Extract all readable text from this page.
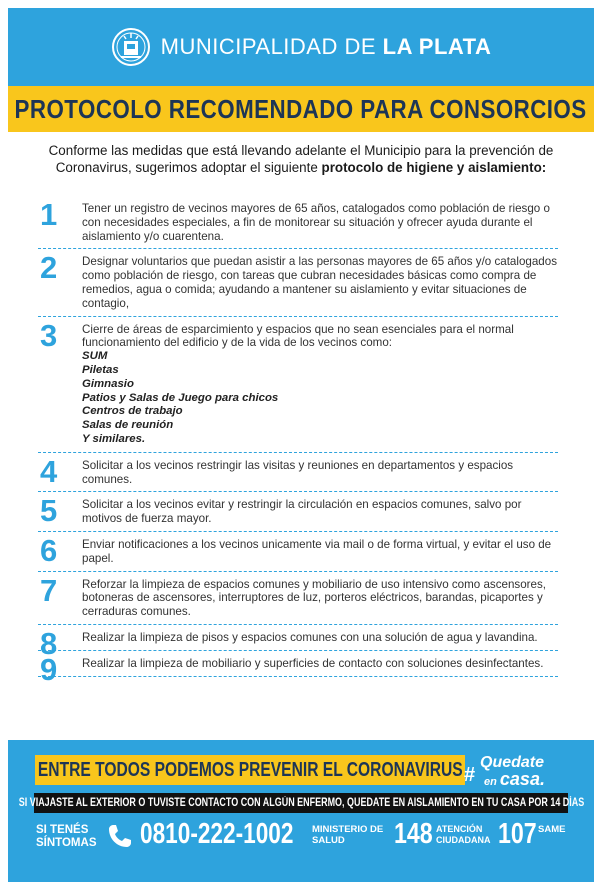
MUNICIPALIDAD DE LA PLATA
PROTOCOLO RECOMENDADO PARA CONSORCIOS
Conforme las medidas que está llevando adelante el Municipio para la prevención de Coronavirus, sugerimos adoptar el siguiente protocolo de higiene y aislamiento:
1 Tener un registro de vecinos mayores de 65 años, catalogados como población de riesgo o con necesidades especiales, a fin de monitorear su situación y ofrecer ayuda durante el aislamiento y/o cuarentena.
2 Designar voluntarios que puedan asistir a las personas mayores de 65 años y/o catalogados como población de riesgo, con tareas que cubran necesidades básicas como compra de remedios, agua o comida; ayudando a mantener su aislamiento y evitar situaciones de contagio,
3 Cierre de áreas de esparcimiento y espacios que no sean esenciales para el normal funcionamiento del edificio y de la vida de los vecinos como:
SUM
Piletas
Gimnasio
Patios y Salas de Juego para chicos
Centros de trabajo
Salas de reunión
Y similares.
4 Solicitar a los vecinos restringir las visitas y reuniones en departamentos y espacios comunes.
5 Solicitar a los vecinos evitar y restringir la circulación en espacios comunes, salvo por motivos de fuerza mayor.
6 Enviar notificaciones a los vecinos unicamente via mail o de forma virtual, y evitar el uso de papel.
7 Reforzar la limpieza de espacios comunes y mobiliario de uso intensivo como ascensores, botoneras de ascensores, interruptores de luz, porteros eléctricos, barandas, picaportes y cerraduras comunes.
8 Realizar la limpieza de pisos y espacios comunes con una solución de agua y lavandina.
9 Realizar la limpieza de mobiliario y superficies de contacto con soluciones desinfectantes.
ENTRE TODOS PODEMOS PREVENIR EL CORONAVIRUS #
Quedate
en casa.
SI VIAJASTE AL EXTERIOR O TUVISTE CONTACTO CON ALGÚN ENFERMO, QUEDATE EN AISLAMIENTO EN TU CASA POR 14 DÍAS
SI TENÉS
SÍNTOMAS 0810-222-1002 MINISTERIO DE
SALUD	148 ATENCIÓN
CIUDADANA 107 SAME
